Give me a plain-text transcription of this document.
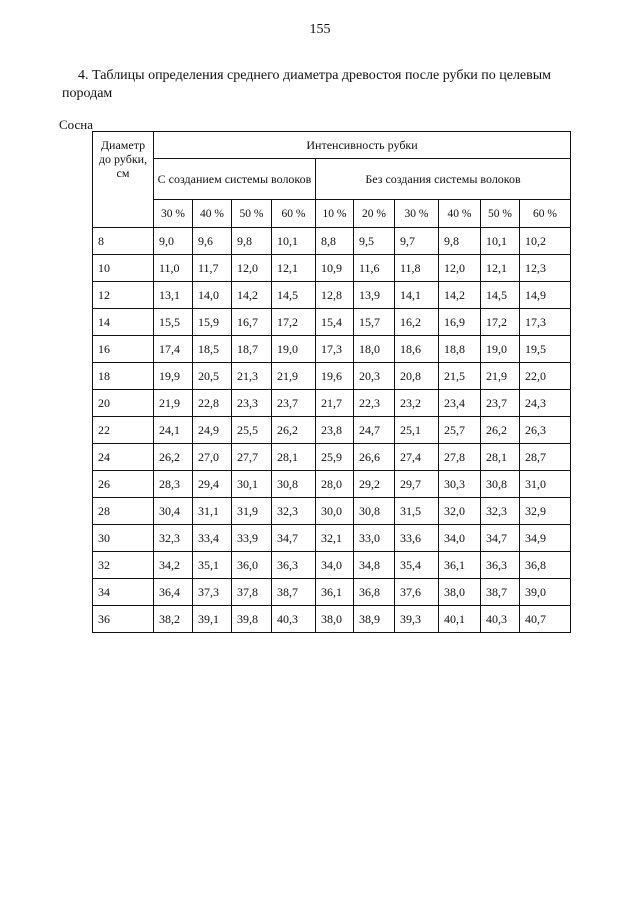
155
4. Таблицы определения среднего диаметра древостоя после рубки по целевым породам
Сосна
Диаметр до рубки, см	Интенсивность рубки									
	С созданием системы волоков				Без создания системы волоков					
	30 %	40 %	50 %	60 %	10 %	20 %	30 %	40 %	50 %	60 %
8	9,0	9,6	9,8	10,1	8,8	9,5	9,7	9,8	10,1	10,2
10	11,0	11,7	12,0	12,1	10,9	11,6	11,8	12,0	12,1	12,3
12	13,1	14,0	14,2	14,5	12,8	13,9	14,1	14,2	14,5	14,9
14	15,5	15,9	16,7	17,2	15,4	15,7	16,2	16,9	17,2	17,3
16	17,4	18,5	18,7	19,0	17,3	18,0	18,6	18,8	19,0	19,5
18	19,9	20,5	21,3	21,9	19,6	20,3	20,8	21,5	21,9	22,0
20	21,9	22,8	23,3	23,7	21,7	22,3	23,2	23,4	23,7	24,3
22	24,1	24,9	25,5	26,2	23,8	24,7	25,1	25,7	26,2	26,3
24	26,2	27,0	27,7	28,1	25,9	26,6	27,4	27,8	28,1	28,7
26	28,3	29,4	30,1	30,8	28,0	29,2	29,7	30,3	30,8	31,0
28	30,4	31,1	31,9	32,3	30,0	30,8	31,5	32,0	32,3	32,9
30	32,3	33,4	33,9	34,7	32,1	33,0	33,6	34,0	34,7	34,9
32	34,2	35,1	36,0	36,3	34,0	34,8	35,4	36,1	36,3	36,8
34	36,4	37,3	37,8	38,7	36,1	36,8	37,6	38,0	38,7	39,0
36	38,2	39,1	39,8	40,3	38,0	38,9	39,3	40,1	40,3	40,7
